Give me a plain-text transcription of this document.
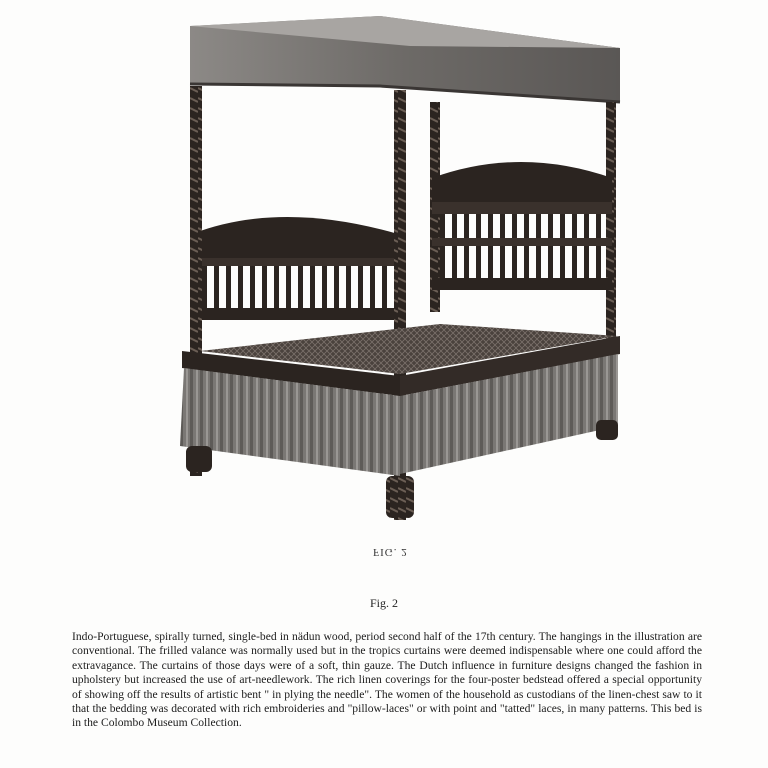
FIG. 2
Fig. 2
Indo-Portuguese, spirally turned, single-bed in nädun wood, period second half of the 17th century. The hangings in the illustration are conventional. The frilled valance was normally used but in the tropics curtains were deemed indispensable where one could afford the extravagance. The curtains of those days were of a soft, thin gauze. The Dutch influence in furniture designs changed the fashion in upholstery but increased the use of art-needlework. The rich linen coverings for the four-poster bedstead offered a special opportunity of showing off the results of artistic bent " in plying the needle". The women of the household as custodians of the linen-chest saw to it that the bedding was decorated with rich embroideries and "pillow-laces" or with point and "tatted" laces, in many patterns. This bed is in the Colombo Museum Collection.
